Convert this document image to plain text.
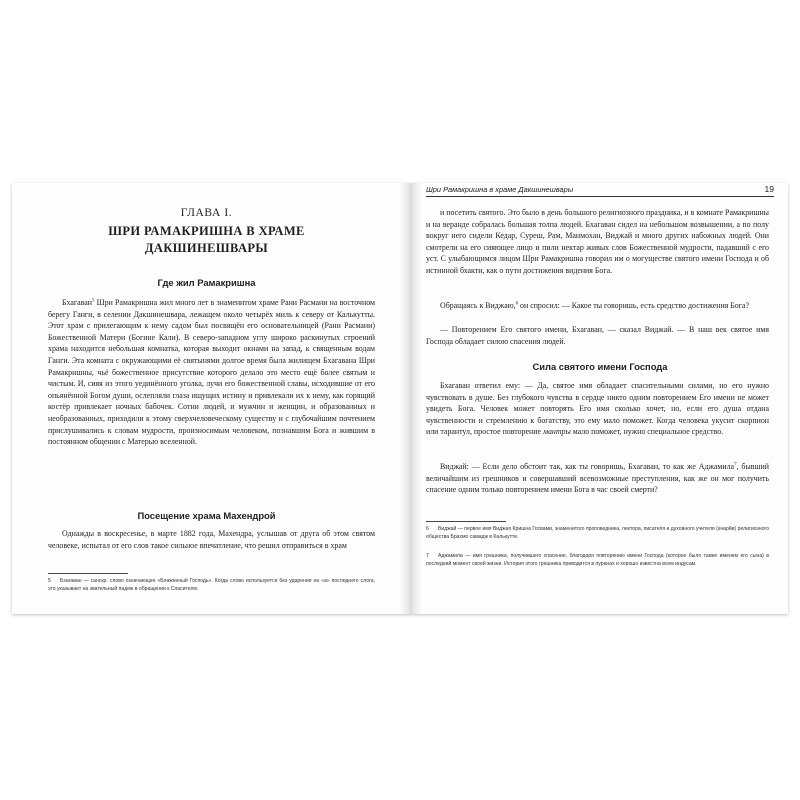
ГЛАВА I.
ШРИ РАМАКРИШНА В ХРАМЕ
ДАКШИНЕШВАРЫ
Где жил Рамакришна

Бхагаван$^5$ Шри Рамакришна жил много лет в знаменитом храме Рани Расмани на восточном берегу Ганги, в селении Дакшинешвара, лежащем около четырёх миль к северу от Калькутты. Этот храм с прилегающим к нему садом был посвящён его основательницей (Рани Расмани) Божественной Матери (Богине Кали). В северо-западном углу широко раскинутых строений храма находится небольшая комнатка, которая выходит окнами на запад, к священным водам Ганги. Эта комната с окружающими её святынями долгое время была жилищем Бхагавана Шри Рамакришны, чьё божественное присутствие которого делало это место ещё более святым и чистым. И, сияя из этого уединённого уголка, лучи его божественной славы, исходившие от его опьянённой Богом души, ослепляли глаза ищущих истину и привлекали их к нему, как горящий костёр привлекает ночных бабочек. Сотни людей, и мужчин и женщин, и образованных и необразованных, приходили к этому сверхчеловеческому существу и с глубочайшим почтением прислушивались к словам мудрости, произносимым человеком, познавшим Бога и жившим в постоянном общении с Матерью вселенной.

Посещение храма Махендрой

Однажды в воскресенье, в марте 1882 года, Махендра, услышав от друга об этом святом человеке, испытал от его слов такое сильное впечатление, что решил отправиться в храм

5 Бхагаван — санскр. слово означающее «Блаженный Господь». Когда слово используется без ударения на «а» последнего слога, это указывает на звательный падеж в обращении к Спасителю.

Шри Рамакришна в храме Дакшинешвары	19

и посетить святого. Это было в день большого религиозного праздника, и в комнате Рамакришны и на веранде собралась большая толпа людей. Бхагаван сидел на небольшом возвышении, а по полу вокруг него сидели Кедар, Суреш, Рам, Манмохан, Виджай и много других набожных людей. Они смотрели на его сияющее лицо и пили нектар живых слов Божественной мудрости, падавший с его уст. С улыбающимся лицом Шри Рамакришна говорил им о могуществе святого имени Господа и об истинной бхакти, как о пути достижения видения Бога.

Обращаясь к Виджаю,$^6$ он спросил: — Какое ты говоришь, есть средство достижения Бога?

— Повторением Его святого имени, Бхагаван, — сказал Виджай. — В наш век святое имя Господа обладает силою спасения людей.

Сила святого имени Господа

Бхагаван ответил ему: — Да, святое имя обладает спасительными силами, но его нужно чувствовать в душе. Без глубокого чувства в сердце никто одним повторением Его имени не может увидеть Бога. Человек может повторять Его имя сколько хочет, но, если его душа отдана чувственности и стремлению к богатству, это ему мало поможет. Когда человека укусит скорпион или тарантул, простое повторение мантры мало поможет, нужно специальное средство.

Виджай: — Если дело обстоит так, как ты говоришь, Бхагаван, то как же Аджамила$^7$, бывший величайшим из грешников и совершавший всевозможные преступления, как же он мог получить спасение одним только повторением имени Бога в час своей смерти?

6 Виджай — первое имя Виджая Кришна Госвами, знаменитого проповедника, лектора, писателя и духовного учителя (ачарйи) религиозного общества Брахмо самадж в Калькутте.

7 Аджамила — имя грешника, получившего спасение, благодаря повторению имени Господа (которое было также именем его сына) в последний момент своей жизни. История этого грешника приводится в пуранах и хорошо известна всем индусам.
